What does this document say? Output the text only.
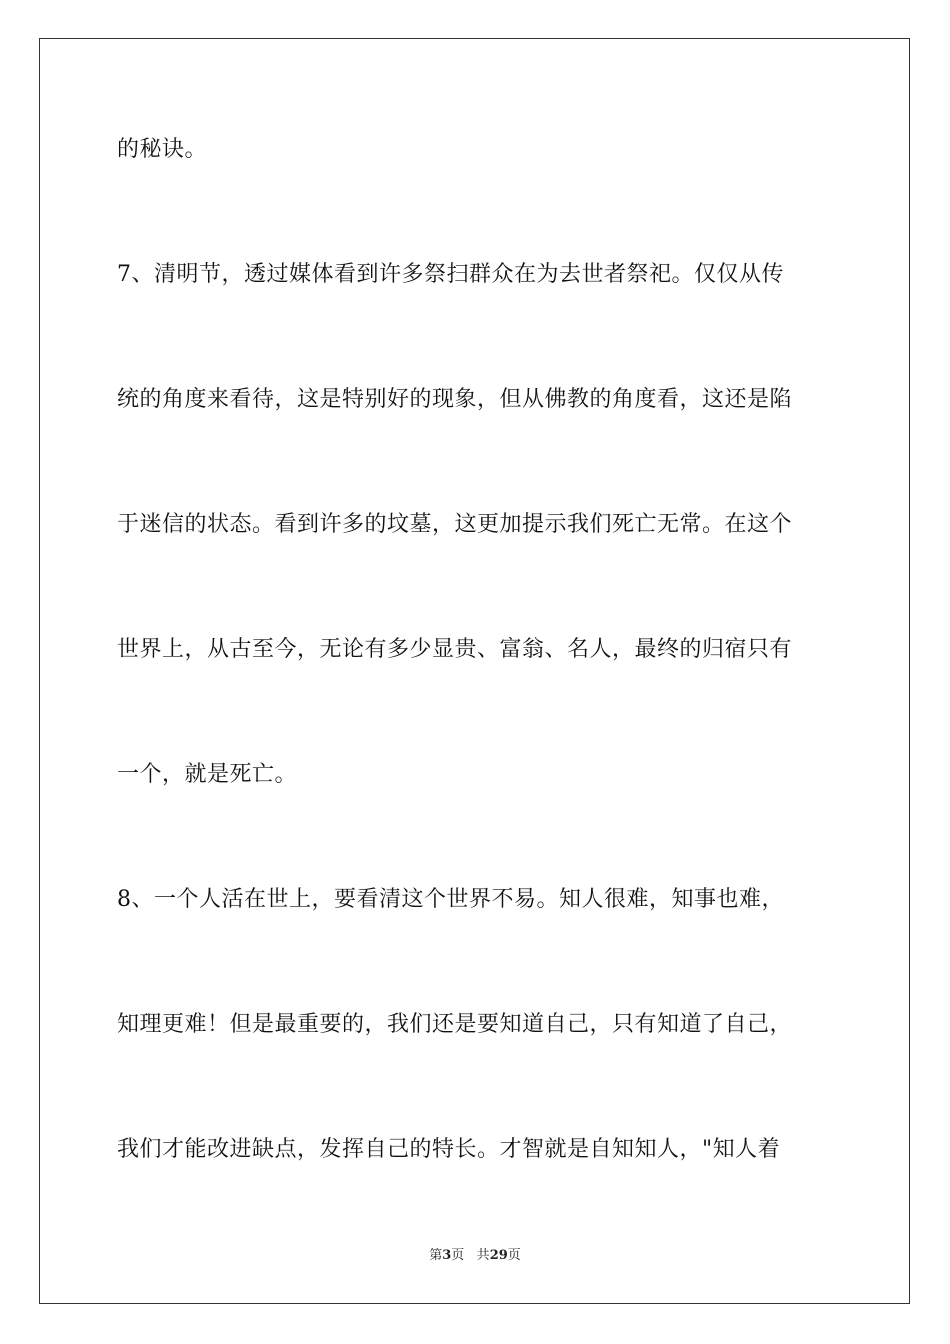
的秘诀。
7、清明节，透过媒体看到许多祭扫群众在为去世者祭祀。仅仅从传
统的角度来看待，这是特别好的现象，但从佛教的角度看，这还是陷
于迷信的状态。看到许多的坟墓，这更加提示我们死亡无常。在这个
世界上，从古至今，无论有多少显贵、富翁、名人，最终的归宿只有
一个，就是死亡。
8、一个人活在世上，要看清这个世界不易。知人很难，知事也难，
知理更难！但是最重要的，我们还是要知道自己，只有知道了自己，
我们才能改进缺点，发挥自己的特长。才智就是自知知人，"知人着
第3页 共29页
